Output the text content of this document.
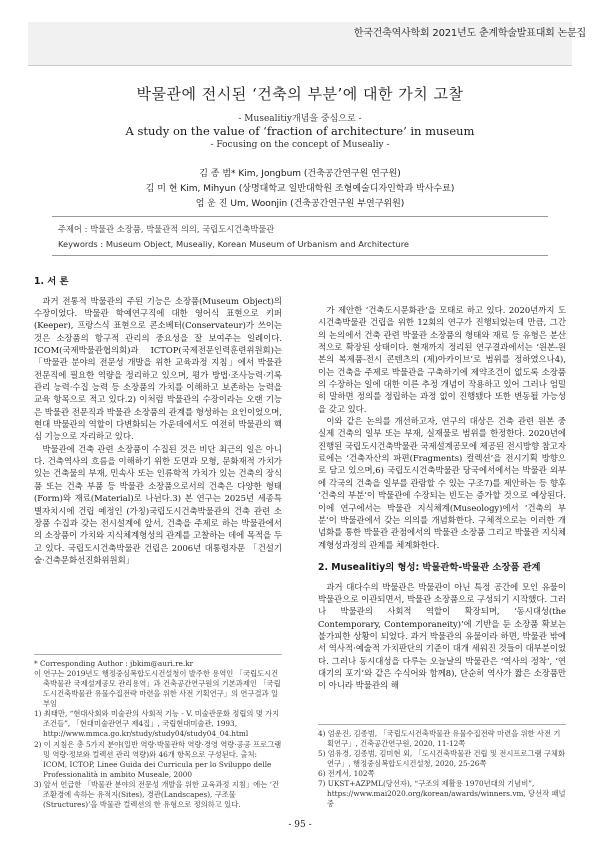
한국건축역사학회 2021년도 춘계학술발표대회 논문집
박물관에 전시된 ‘건축의 부분’에 대한 가치 고찰
- Musealitiy개념을 중심으로 -
A study on the value of ‘fraction of architecture’ in museum
- Focusing on the concept of Musealiy -
김 종 범* Kim, Jongbum (건축공간연구원 연구원)
김 미 현 Kim, Mihyun (상명대학교 일반대학원 조형예술디자인학과 박사수료)
엄 운 진 Um, Woonjin (건축공간연구원 부연구위원)
주제어 : 박물관 소장품, 박물관적 의의, 국립도시건축박물관
Keywords : Museum Object, Musealiy, Korean Museum of Urbanism and Architecture
1. 서 론

과거 전통적 박물관의 주된 기능은 소장품(Museum Object)의 수장이었다. 박물관 학예연구직에 대한 영어식 표현으로 키퍼(Keeper), 프랑스식 표현으로 콘소베터(Conservateur)가 쓰이는 것은 소장품의 항구적 관리의 중요성을 잘 보여주는 일례이다. ICOM(국제박물관협의회)과 ICTOP(국제전문인력훈련위원회)는 「박물관 분야의 전문성 개발을 위한 교육과정 지침」에서 박물관 전문직에 필요한 역량을 정리하고 있으며, 평가 방법·조사능력·기록관리 능력·수집 능력 등 소장품의 가치를 이해하고 보존하는 능력을 교육 항목으로 적고 있다.2) 이처럼 박물관의 수장이라는 오랜 기능은 박물관 전문직과 박물관 소장품의 관계를 형성하는 요인이었으며, 현대 박물관의 역할이 다변화되는 가운데에서도 여전히 박물관의 핵심 기능으로 자리하고 있다.

박물관에 건축 관련 소장품이 수집된 것은 비단 최근의 일은 아니다. 건축역사의 흐름을 이해하기 위한 도면과 모형, 문화재적 가치가 있는 건축물의 부재, 민속사 또는 인류학적 가치가 있는 건축의 장식품 또는 건축 부품 등 박물관 소장품으로서의 건축은 다양한 형태(Form)와 재료(Material)로 나뉜다.3) 본 연구는 2025년 세종특별자치시에 건립 예정인 (가칭)국립도시건축박물관의 건축 관련 소장품 수집과 갖는 전시설계에 앞서, 건축을 주제로 하는 박물관에서의 소장품이 가치와 지식체계형성의 관계를 고찰하는 데에 목적을 두고 있다. 국립도시건축박물관 건립은 2006년 대통령자문 「건설기술·건축문화선진화위원회」

* Corresponding Author : jbkim@auri.re.kr
이 연구는 2019년도 행정중심복합도시건설청이 발주한 용역인 「국립도시건축박물관 국제설계공모 관리용역」과 건축공간연구원의 기본과제인 「국립도시건축박물관 유물수집전략 마련을 위한 사전 기획연구」의 연구결과 일부임
1) 최태만, “현대사회와 미술관의 사회적 기능 - V. 미술관문화 정립의 몇 가지 조건들”, 「현대미술관연구 제4집」, 국립현대미술관, 1993, http://www.mmca.go.kr/study/study04/study04_04.html
2) 이 지침은 총 5가지 분야(일반 역량·박물관학 역량·경영 역량·공공 프로그램밍 역량·정보와 컬렉션 관리 역량)와 46개 항목으로 구성된다. 출처: ICOM, ICTOP, Linee Guida dei Curricula per lo Sviluppo delle Professionalità in ambito Museale, 2000
3) 앞서 언급한 「박물관 분야의 전문성 개발을 위한 교육과정 지침」에는 ‘건조환경에 속하는 유적지(Sites), 경관(Landscapes), 구조물(Structures)’을 박물관 컬렉션의 한 유형으로 정의하고 있다.

가 제안한 ‘건축도시문화관’을 모태로 하고 있다. 2020년까지 도시건축박물관 건립을 위한 12회의 연구가 진행되었는데 만큼, 그간의 논의에서 건축 관련 박물관 소장품의 형태와 재료 등 유형은 분산적으로 확장된 상태이다. 현재까지 정리된 연구결과에서는 ‘원본-원본의 복제품-전시 콘텐츠의 (제)아카이브’로 범위를 정하였으나4), 이는 건축을 주제로 박물관을 구축하기에 제약조건이 없도록 소장품의 수장하는 일에 대한 이른 추정 개념이 작용하고 있어 그러나 엄밀히 말하면 정의를 정립하는 과정 없이 진행됐다 또한 변동될 가능성을 갖고 있다.

이와 같은 논의를 개선하고자, 연구의 대상은 건축 관련 원본 중 실제 건축의 일부 또는 부재, 실재물로 범위를 한정한다. 2020년에 진행된 국립도시건축박물관 국제설계공모에 제공된 전시방향 참고자료에는 ‘건축자산의 파편(Fragments) 컬렉션’을 전시기획 방향으로 담고 있으며,6) 국립도시건축박물관 당국에서에서는 박물관 외부에 각국의 건축을 일부를 관람할 수 있는 구조7)를 제안하는 등 향후 ‘건축의 부분’이 박물관에 수장되는 빈도는 증가할 것으로 예상된다. 이에 연구에서는 박물관 지식체계(Museology)에서 ‘건축의 부분’이 박물관에서 갖는 의의를 개념화한다. 구체적으로는 이러한 개념화를 통한 박물관 관점에서의 박물관 소장품 그리고 박물관 지식체계형성과정의 관계를 체계화한다.

2. Musealitiy의 형성: 박물관학-박물관 소장품 관계

과거 대다수의 박물관은 박물관이 아닌 특정 공간에 모인 유물이 박물관으로 이관되면서, 박물관 소장품으로 구성되기 시작했다. 그러나 박물관의 사회적 역할이 확장되며, ‘동시대성(the Contemporary, Contemporaneity)’에 기반을 둔 소장품 확보는 불가피한 상황이 되었다. 과거 박물관의 유물이라 하면, 박물관 밖에서 역사적·예술적 가치판단의 기준이 대개 세워진 것들이 대부분이었다. 그러나 동시대성을 다루는 오늘날의 박물관은 ‘역사의 정착’, ‘연대기의 포기’와 같은 수식어와 함께8), 단순히 역사가 짧은 소장품만이 아니라 박물관의 해

4) 엄운진, 김종범, 「국립도시건축박물관 유물수집전략 마련을 위한 사전 기획연구」, 건축공간연구원, 2020, 11-12쪽
5) 엄유경, 김종범, 김미현 외, 「도시건축박물관 건립 및 전시프로그램 구체화 연구」, 행정중심복합도시건설청, 2020, 25-26쪽
6) 전게서, 102쪽
7) UKST+AZPML(당선자), “구조의 제활용 1970년대의 기념비”, https://www.mai2020.org/korean/awards/winners.vm, 당선작 패널 중
- 95 -
